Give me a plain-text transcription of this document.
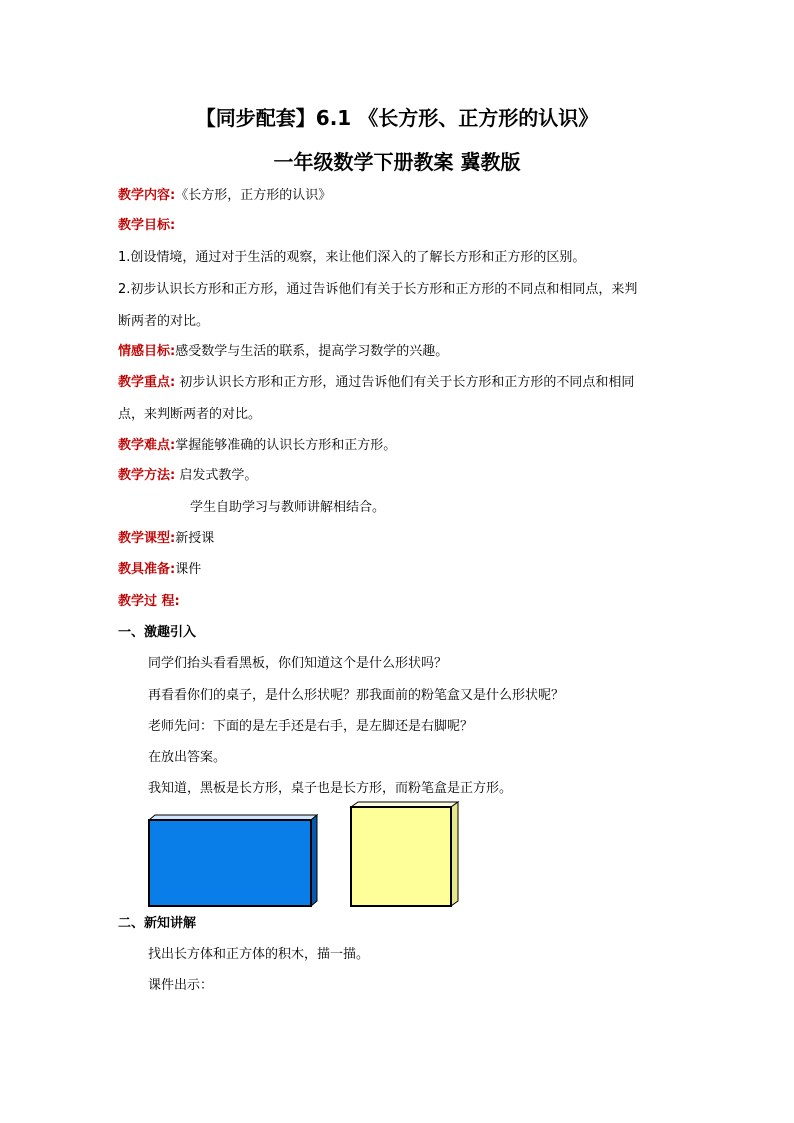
【同步配套】6.1 《长方形、正方形的认识》
一年级数学下册教案 冀教版
教学内容:《长方形，正方形的认识》
教学目标:
1.创设情境，通过对于生活的观察，来让他们深入的了解长方形和正方形的区别。
2.初步认识长方形和正方形，通过告诉他们有关于长方形和正方形的不同点和相同点，来判
断两者的对比。
情感目标:感受数学与生活的联系，提高学习数学的兴趣。
教学重点: 初步认识长方形和正方形，通过告诉他们有关于长方形和正方形的不同点和相同
点，来判断两者的对比。
教学难点:掌握能够准确的认识长方形和正方形。
教学方法: 启发式教学。
学生自助学习与教师讲解相结合。
教学课型:新授课
教具准备:课件
教学过 程:
一、激趣引入
同学们抬头看看黑板，你们知道这个是什么形状吗？
再看看你们的桌子，是什么形状呢？那我面前的粉笔盒又是什么形状呢？
老师先问：下面的是左手还是右手，是左脚还是右脚呢？
在放出答案。
我知道，黑板是长方形，桌子也是长方形，而粉笔盒是正方形。
二、新知讲解
找出长方体和正方体的积木，描一描。
课件出示：
